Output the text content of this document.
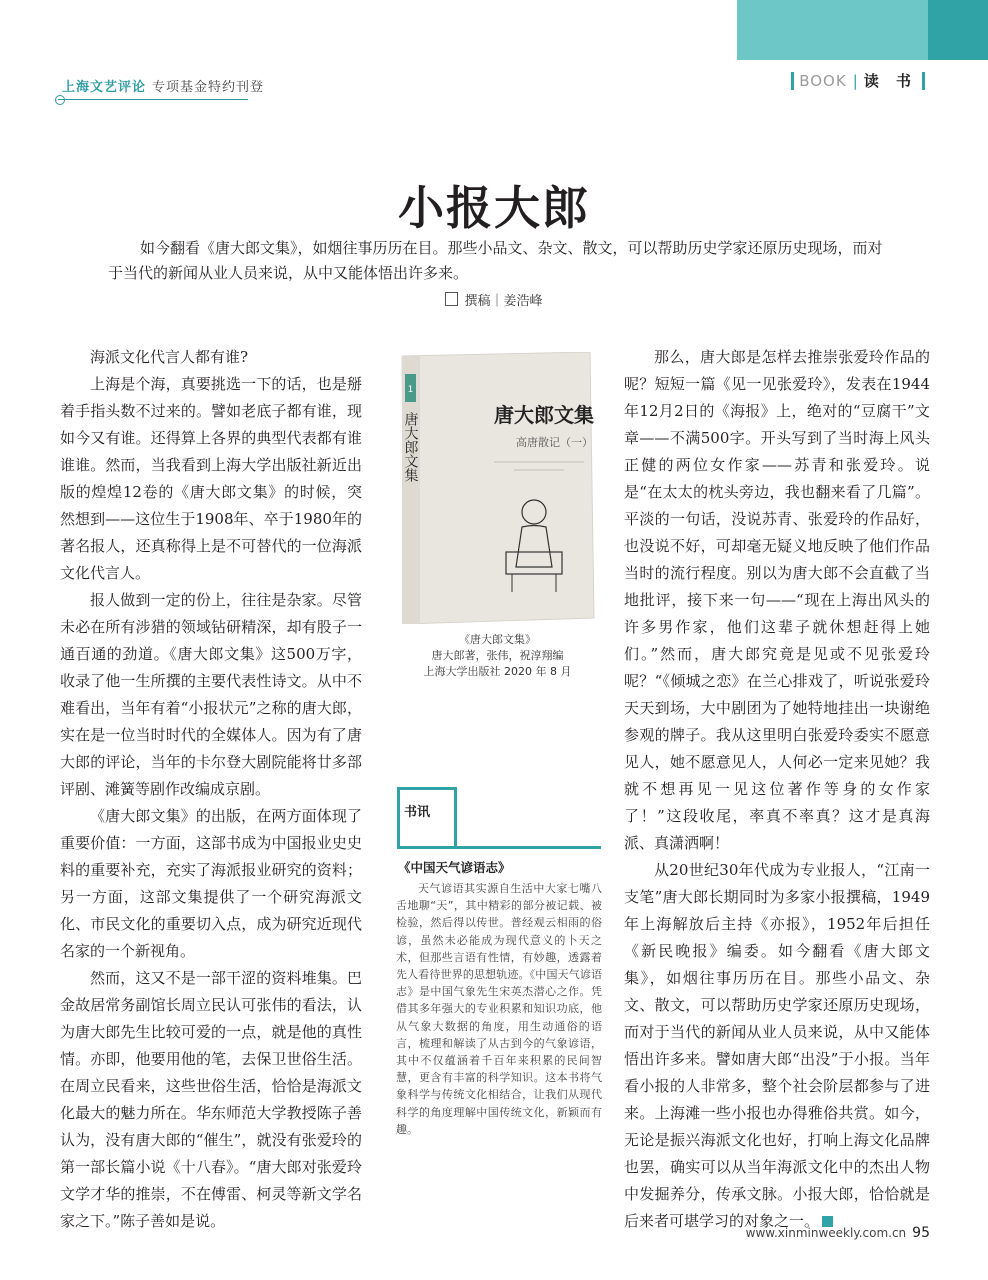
上海文艺评论 专项基金特约刊登	BOOK | 读 书
小报大郎
如今翻看《唐大郎文集》，如烟往事历历在目。那些小品文、杂文、散文，可以帮助历史学家还原历史现场，而对于当代的新闻从业人员来说，从中又能体悟出许多来。
撰稿｜姜浩峰

海派文化代言人都有谁?

上海是个海，真要挑选一下的话，也是掰着手指头数不过来的。譬如老底子都有谁，现如今又有谁。还得算上各界的典型代表都有谁谁谁。然而，当我看到上海大学出版社新近出版的煌煌12卷的《唐大郎文集》的时候，突然想到——这位生于1908年、卒于1980年的著名报人，还真称得上是不可替代的一位海派文化代言人。

报人做到一定的份上，往往是杂家。尽管未必在所有涉猎的领域钻研精深，却有股子一通百通的劲道。《唐大郎文集》这500万字，收录了他一生所撰的主要代表性诗文。从中不难看出，当年有着“小报状元”之称的唐大郎，实在是一位当时时代的全媒体人。因为有了唐大郎的评论，当年的卡尔登大剧院能将廿多部评剧、滩簧等剧作改编成京剧。

《唐大郎文集》的出版，在两方面体现了重要价值：一方面，这部书成为中国报业史史料的重要补充，充实了海派报业研究的资料；另一方面，这部文集提供了一个研究海派文化、市民文化的重要切入点，成为研究近现代名家的一个新视角。

然而，这又不是一部干涩的资料堆集。巴金故居常务副馆长周立民认可张伟的看法，认为唐大郎先生比较可爱的一点，就是他的真性情。亦即，他要用他的笔，去保卫世俗生活。在周立民看来，这些世俗生活，恰恰是海派文化最大的魅力所在。华东师范大学教授陈子善认为，没有唐大郎的“催生”，就没有张爱玲的第一部长篇小说《十八春》。“唐大郎对张爱玲文学才华的推崇，不在傅雷、柯灵等新文学名家之下。”陈子善如是说。

1
唐大郎文集	唐大郎文集
高唐散记（一）
《唐大郎文集》
唐大郎著，张伟，祝淳翔编
上海大学出版社 2020 年 8 月
书讯
《中国天气谚语志》

天气谚语其实源自生活中大家七嘴八舌地聊“天”，其中精彩的部分被记载、被检验，然后得以传世。普经观云相雨的俗谚，虽然未必能成为现代意义的卜天之术，但那些言语有性情，有妙趣，透露着先人看待世界的思想轨迹。《中国天气谚语志》是中国气象先生宋英杰潜心之作。凭借其多年强大的专业积累和知识功底，他从气象大数据的角度，用生动通俗的语言，梳理和解读了从古到今的气象谚语，其中不仅蕴涵着千百年来积累的民间智慧，更含有丰富的科学知识。这本书将气象科学与传统文化相结合，让我们从现代科学的角度理解中国传统文化，新颖而有趣。

那么，唐大郎是怎样去推崇张爱玲作品的呢？短短一篇《见一见张爱玲》，发表在1944年12月2日的《海报》上，绝对的“豆腐干”文章——不满500字。开头写到了当时海上风头正健的两位女作家——苏青和张爱玲。说是“在太太的枕头旁边，我也翻来看了几篇”。平淡的一句话，没说苏青、张爱玲的作品好，也没说不好，可却毫无疑义地反映了他们作品当时的流行程度。别以为唐大郎不会直截了当地批评，接下来一句——“现在上海出风头的许多男作家，他们这辈子就休想赶得上她们。”然而，唐大郎究竟是见或不见张爱玲呢？“《倾城之恋》在兰心排戏了，听说张爱玲天天到场，大中剧团为了她特地挂出一块谢绝参观的牌子。我从这里明白张爱玲委实不愿意见人，她不愿意见人，人何必一定来见她？我就不想再见一见这位著作等身的女作家了！”这段收尾，率真不率真？这才是真海派、真潇洒啊！

从20世纪30年代成为专业报人，“江南一支笔”唐大郎长期同时为多家小报撰稿，1949年上海解放后主持《亦报》，1952年后担任《新民晚报》编委。如今翻看《唐大郎文集》，如烟往事历历在目。那些小品文、杂文、散文，可以帮助历史学家还原历史现场，而对于当代的新闻从业人员来说，从中又能体悟出许多来。譬如唐大郎“出没”于小报。当年看小报的人非常多，整个社会阶层都参与了进来。上海滩一些小报也办得雅俗共赏。如今，无论是振兴海派文化也好，打响上海文化品牌也罢，确实可以从当年海派文化中的杰出人物中发掘养分，传承文脉。小报大郎，恰恰就是后来者可堪学习的对象之一。

www.xinminweekly.com.cn 95
